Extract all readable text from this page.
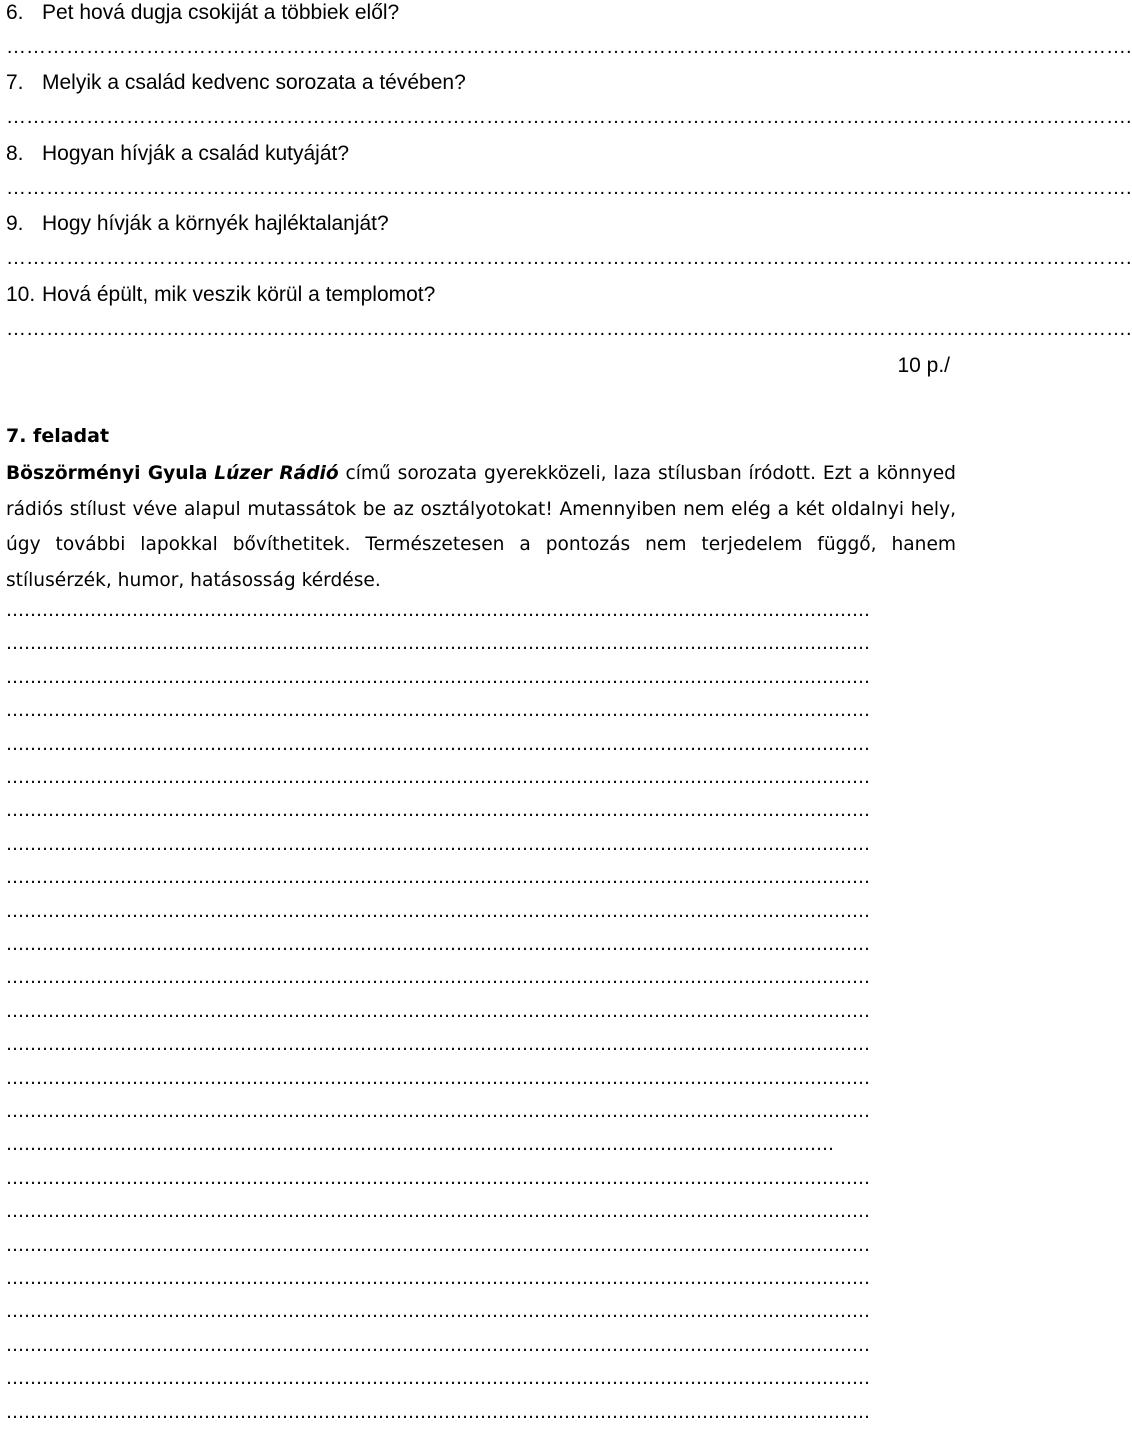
6. Pet hová dugja csokiját a többiek elől?
…………………………………………………………………………………………………………………………………………………….
7. Melyik a család kedvenc sorozata a tévében?
…………………………………………………………………………………………………………………………………………………….
8. Hogyan hívják a család kutyáját?
…………………………………………………………………………………………………………………………………………………….
9. Hogy hívják a környék hajléktalanját?
…………………………………………………………………………………………………………………………………………………….
10. Hová épült, mik veszik körül a templomot?
…………………………………………………………………………………………………………………………………………………….
10 p./
7. feladat
Böszörményi Gyula Lúzer Rádió című sorozata gyerekközeli, laza stílusban íródott. Ezt a könnyed rádiós stílust véve alapul mutassátok be az osztályotokat! Amennyiben nem elég a két oldalnyi hely, úgy további lapokkal bővíthetitek. Természetesen a pontozás nem terjedelem függő, hanem stílusérzék, humor, hatásosság kérdése.
………………………………………………………………………………………………………………………………
………………………………………………………………………………………………………………………………
………………………………………………………………………………………………………………………………
………………………………………………………………………………………………………………………………
………………………………………………………………………………………………………………………………
………………………………………………………………………………………………………………………………
………………………………………………………………………………………………………………………………
………………………………………………………………………………………………………………………………
………………………………………………………………………………………………………………………………
………………………………………………………………………………………………………………………………
………………………………………………………………………………………………………………………………
………………………………………………………………………………………………………………………………
………………………………………………………………………………………………………………………………
………………………………………………………………………………………………………………………………
………………………………………………………………………………………………………………………………
………………………………………………………………………………………………………………………………
…………………………………………………………………………………………………………………………
………………………………………………………………………………………………………………………………
………………………………………………………………………………………………………………………………
………………………………………………………………………………………………………………………………
………………………………………………………………………………………………………………………………
………………………………………………………………………………………………………………………………
………………………………………………………………………………………………………………………………
………………………………………………………………………………………………………………………………
………………………………………………………………………………………………………………………………
